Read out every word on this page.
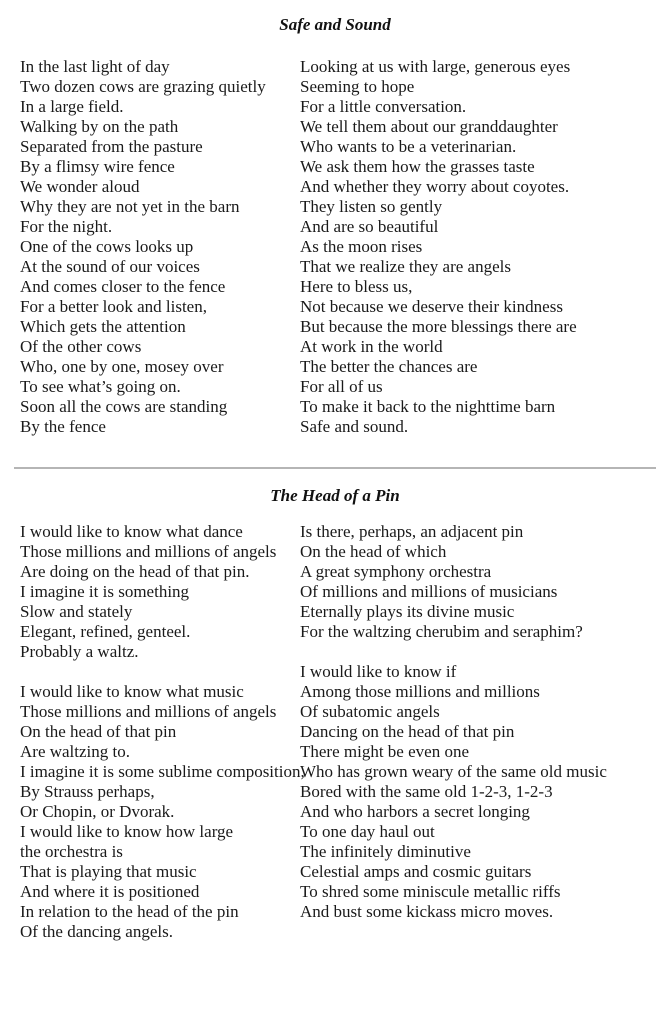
Safe and Sound
In the last light of day
Two dozen cows are grazing quietly
In a large field.
Walking by on the path
Separated from the pasture
By a flimsy wire fence
We wonder aloud
Why they are not yet in the barn
For the night.
One of the cows looks up
At the sound of our voices
And comes closer to the fence
For a better look and listen,
Which gets the attention
Of the other cows
Who, one by one, mosey over
To see what’s going on.
Soon all the cows are standing
By the fence
Looking at us with large, generous eyes
Seeming to hope
For a little conversation.
We tell them about our granddaughter
Who wants to be a veterinarian.
We ask them how the grasses taste
And whether they worry about coyotes.
They listen so gently
And are so beautiful
As the moon rises
That we realize they are angels
Here to bless us,
Not because we deserve their kindness
But because the more blessings there are
At work in the world
The better the chances are
For all of us
To make it back to the nighttime barn
Safe and sound.
The Head of a Pin
I would like to know what dance
Those millions and millions of angels
Are doing on the head of that pin.
I imagine it is something
Slow and stately
Elegant, refined, genteel.
Probably a waltz.

I would like to know what music
Those millions and millions of angels
On the head of that pin
Are waltzing to.
I imagine it is some sublime composition,
By Strauss perhaps,
Or Chopin, or Dvorak.
I would like to know how large
the orchestra is
That is playing that music
And where it is positioned
In relation to the head of the pin
Of the dancing angels.
Is there, perhaps, an adjacent pin
On the head of which
A great symphony orchestra
Of millions and millions of musicians
Eternally plays its divine music
For the waltzing cherubim and seraphim?

I would like to know if
Among those millions and millions
Of subatomic angels
Dancing on the head of that pin
There might be even one
Who has grown weary of the same old music
Bored with the same old 1-2-3, 1-2-3
And who harbors a secret longing
To one day haul out
The infinitely diminutive
Celestial amps and cosmic guitars
To shred some miniscule metallic riffs
And bust some kickass micro moves.
